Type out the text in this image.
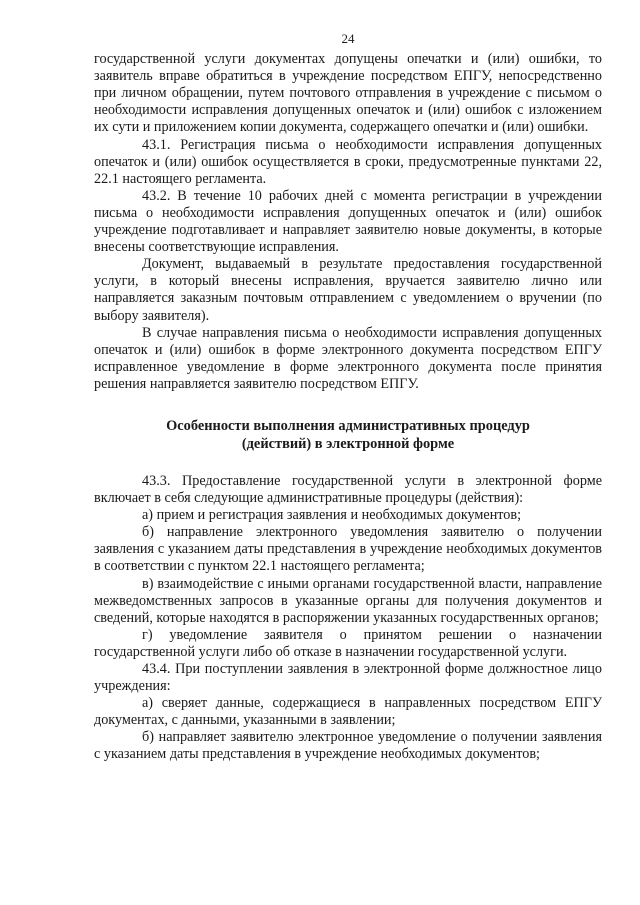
24

государственной услуги документах допущены опечатки и (или) ошибки, то заявитель вправе обратиться в учреждение посредством ЕПГУ, непосредственно при личном обращении, путем почтового отправления в учреждение с письмом о необходимости исправления допущенных опечаток и (или) ошибок с изложением их сути и приложением копии документа, содержащего опечатки и (или) ошибки.

43.1. Регистрация письма о необходимости исправления допущенных опечаток и (или) ошибок осуществляется в сроки, предусмотренные пунктами 22, 22.1 настоящего регламента.

43.2. В течение 10 рабочих дней с момента регистрации в учреждении письма о необходимости исправления допущенных опечаток и (или) ошибок учреждение подготавливает и направляет заявителю новые документы, в которые внесены соответствующие исправления.

Документ, выдаваемый в результате предоставления государственной услуги, в который внесены исправления, вручается заявителю лично или направляется заказным почтовым отправлением с уведомлением о вручении (по выбору заявителя).

В случае направления письма о необходимости исправления допущенных опечаток и (или) ошибок в форме электронного документа посредством ЕПГУ исправленное уведомление в форме электронного документа после принятия решения направляется заявителю посредством ЕПГУ.

Особенности выполнения административных процедур
(действий) в электронной форме

43.3. Предоставление государственной услуги в электронной форме включает в себя следующие административные процедуры (действия):

а) прием и регистрация заявления и необходимых документов;

б) направление электронного уведомления заявителю о получении заявления с указанием даты представления в учреждение необходимых документов в соответствии с пунктом 22.1 настоящего регламента;

в) взаимодействие с иными органами государственной власти, направление межведомственных запросов в указанные органы для получения документов и сведений, которые находятся в распоряжении указанных государственных органов;

г) уведомление заявителя о принятом решении о назначении государственной услуги либо об отказе в назначении государственной услуги.

43.4. При поступлении заявления в электронной форме должностное лицо учреждения:

а) сверяет данные, содержащиеся в направленных посредством ЕПГУ документах, с данными, указанными в заявлении;

б) направляет заявителю электронное уведомление о получении заявления с указанием даты представления в учреждение необходимых документов;
